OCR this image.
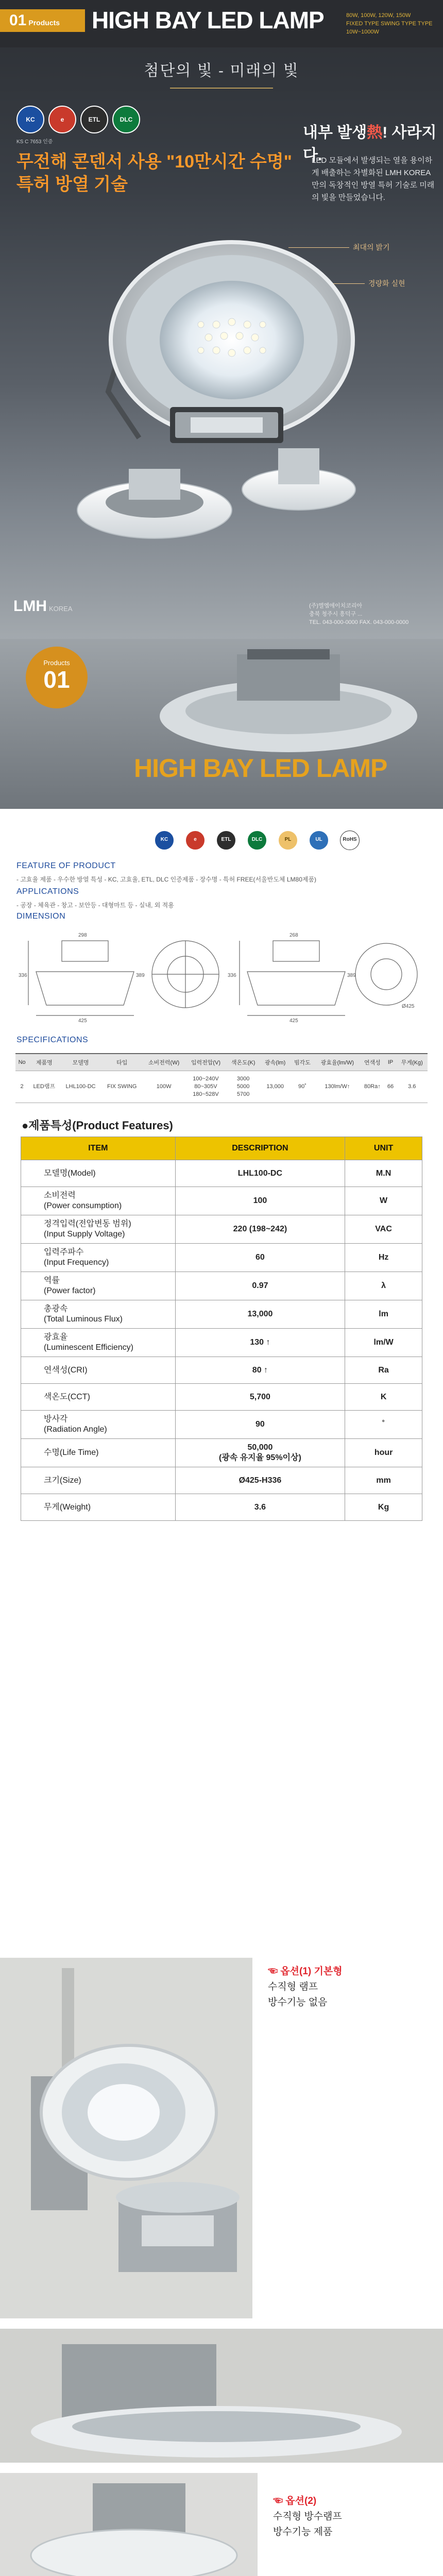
01 Products	HIGH BAY LED LAMP	80W, 100W, 120W, 150W
FIXED TYPE SWING TYPE TYPE
10W~1000W
첨단의 빛 - 미래의 빛
KC	e	ETL	DLC
KS C 7653 인증
무전해 콘덴서 사용 "10만시간 수명"
특허 방열 기술
내부 발생熱! 사라지다.
LED 모듈에서 발생되는 열을 용이하게 배출하는 차별화된 LMH KOREA만의 독창적인 방열 특허 기술로 미래의 빛을 만들었습니다.
최대의 밝기
경량화 실현
LMH KOREA	(주)엘엠에이치코리아
충북 청주시 흥덕구 ...
TEL. 043-000-0000 FAX. 043-000-0000
Products
01
HIGH BAY LED LAMP
KC	e	ETL	DLC	PL	UL	RoHS
FEATURE OF PRODUCT
- 고효율 제품 - 우수한 방열 특성 - KC, 고효율, ETL, DLC 인증제품 - 장수명 - 특허 FREE(서울반도체 LM80제품)
APPLICATIONS
- 공장 - 체육관 - 창고 - 보안등 - 대형마트 등 - 실내, 외 적용
DIMENSION
298
425
336	389
268
425
336	389
Ø425
SPECIFICATIONS
No	제품명	모델명	타입	소비전력(W)	입력전압(V)	색온도(K)	광속(lm)	빔각도	광효율(lm/W)	연색성	IP	무게(Kg)
2	LED램프	LHL100-DC	FIX SWING	100W	100~240V
80~305V
180~528V	3000
5000
5700	13,000	90˚	130lm/W↑	80Ra↑	66	3.6
●제품특성(Product Features)
ITEM	DESCRIPTION	UNIT
모델명(Model)	LHL100-DC	M.N
소비전력
(Power consumption)	100	W
정격입력(전압변동 범위)
(Input Supply Voltage)	220 (198~242)	VAC
입력주파수
(Input Frequency)	60	Hz
역률
(Power factor)	0.97	λ
총광속
(Total Luminous Flux)	13,000	lm
광효율
(Luminescent Efficiency)	130 ↑	lm/W
연색성(CRI)	80 ↑	Ra
색온도(CCT)	5,700	K
방사각
(Radiation Angle)	90	˚
수명(Life Time)	50,000
(광속 유지율 95%이상)	hour
크기(Size)	Ø425-H336	mm
무게(Weight)	3.6	Kg
☜ 옵션(1) 기본형
수직형 램프
방수기능 없음
☜ 옵션(2)
수직형 방수램프
방수기능 제품
